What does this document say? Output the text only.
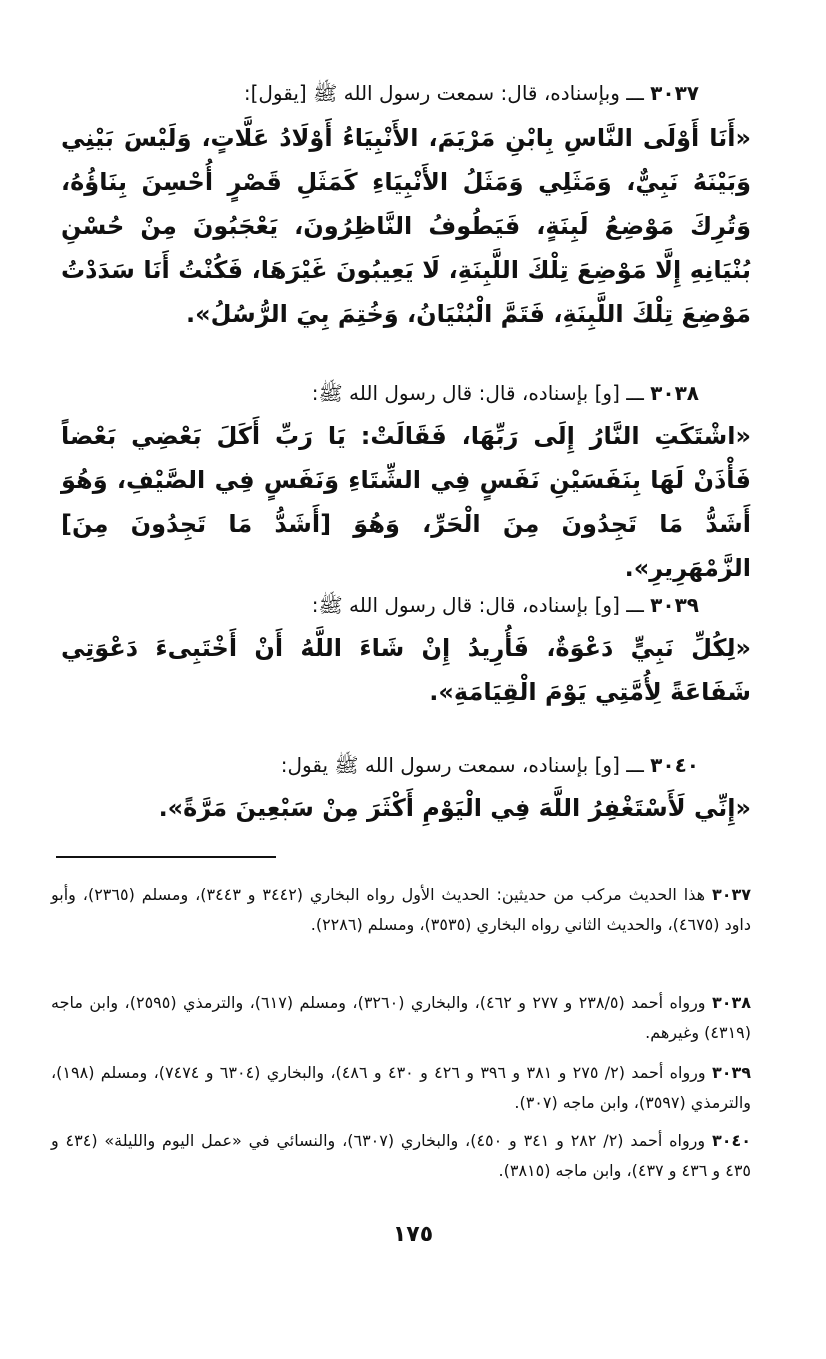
٣٠٣٧ ـــ وبإسناده، قال: سمعت رسول الله ﷺ [يقول]:
«أَنَا أَوْلَى النَّاسِ بِابْنِ مَرْيَمَ، الأَنْبِيَاءُ أَوْلَادُ عَلَّاتٍ، وَلَيْسَ بَيْنِي وَبَيْنَهُ نَبِيٌّ، وَمَثَلِي وَمَثَلُ الأَنْبِيَاءِ كَمَثَلِ قَصْرٍ أُحْسِنَ بِنَاؤُهُ، وَتُرِكَ مَوْضِعُ لَبِنَةٍ، فَيَطُوفُ النَّاظِرُونَ، يَعْجَبُونَ مِنْ حُسْنِ بُنْيَانِهِ إِلَّا مَوْضِعَ تِلْكَ اللَّبِنَةِ، لَا يَعِيبُونَ غَيْرَهَا، فَكُنْتُ أَنَا سَدَدْتُ مَوْضِعَ تِلْكَ اللَّبِنَةِ، فَتَمَّ الْبُنْيَانُ، وَخُتِمَ بِيَ الرُّسُلُ».
٣٠٣٨ ـــ [و] بإسناده، قال: قال رسول الله ﷺ:
«اشْتَكَتِ النَّارُ إِلَى رَبِّهَا، فَقَالَتْ: يَا رَبِّ أَكَلَ بَعْضِي بَعْضاً فَأْذَنْ لَهَا بِنَفَسَيْنِ نَفَسٍ فِي الشِّتَاءِ وَنَفَسٍ فِي الصَّيْفِ، وَهُوَ أَشَدُّ مَا تَجِدُونَ مِنَ الْحَرِّ، وَهُوَ [أَشَدُّ مَا تَجِدُونَ مِنَ] الزَّمْهَرِيرِ».
٣٠٣٩ ـــ [و] بإسناده، قال: قال رسول الله ﷺ:
«لِكُلِّ نَبِيٍّ دَعْوَةٌ، فَأُرِيدُ إِنْ شَاءَ اللَّهُ أَنْ أَخْتَبِىءَ دَعْوَتِي شَفَاعَةً لِأُمَّتِي يَوْمَ الْقِيَامَةِ».
٣٠٤٠ ـــ [و] بإسناده، سمعت رسول الله ﷺ يقول:
«إِنِّي لَأَسْتَغْفِرُ اللَّهَ فِي الْيَوْمِ أَكْثَرَ مِنْ سَبْعِينَ مَرَّةً».
٣٠٣٧ هذا الحديث مركب من حديثين: الحديث الأول رواه البخاري (٣٤٤٢ و ٣٤٤٣)، ومسلم (٢٣٦٥)، وأبو داود (٤٦٧٥)، والحديث الثاني رواه البخاري (٣٥٣٥)، ومسلم (٢٢٨٦).
٣٠٣٨ ورواه أحمد (٢٣٨/٥ و ٢٧٧ و ٤٦٢)، والبخاري (٣٢٦٠)، ومسلم (٦١٧)، والترمذي (٢٥٩٥)، وابن ماجه (٤٣١٩) وغيرهم.
٣٠٣٩ ورواه أحمد (٢/ ٢٧٥ و ٣٨١ و ٣٩٦ و ٤٢٦ و ٤٣٠ و ٤٨٦)، والبخاري (٦٣٠٤ و ٧٤٧٤)، ومسلم (١٩٨)، والترمذي (٣٥٩٧)، وابن ماجه (٣٠٧).
٣٠٤٠ ورواه أحمد (٢/ ٢٨٢ و ٣٤١ و ٤٥٠)، والبخاري (٦٣٠٧)، والنسائي في «عمل اليوم والليلة» (٤٣٤ و ٤٣٥ و ٤٣٦ و ٤٣٧)، وابن ماجه (٣٨١٥).
١٧٥
